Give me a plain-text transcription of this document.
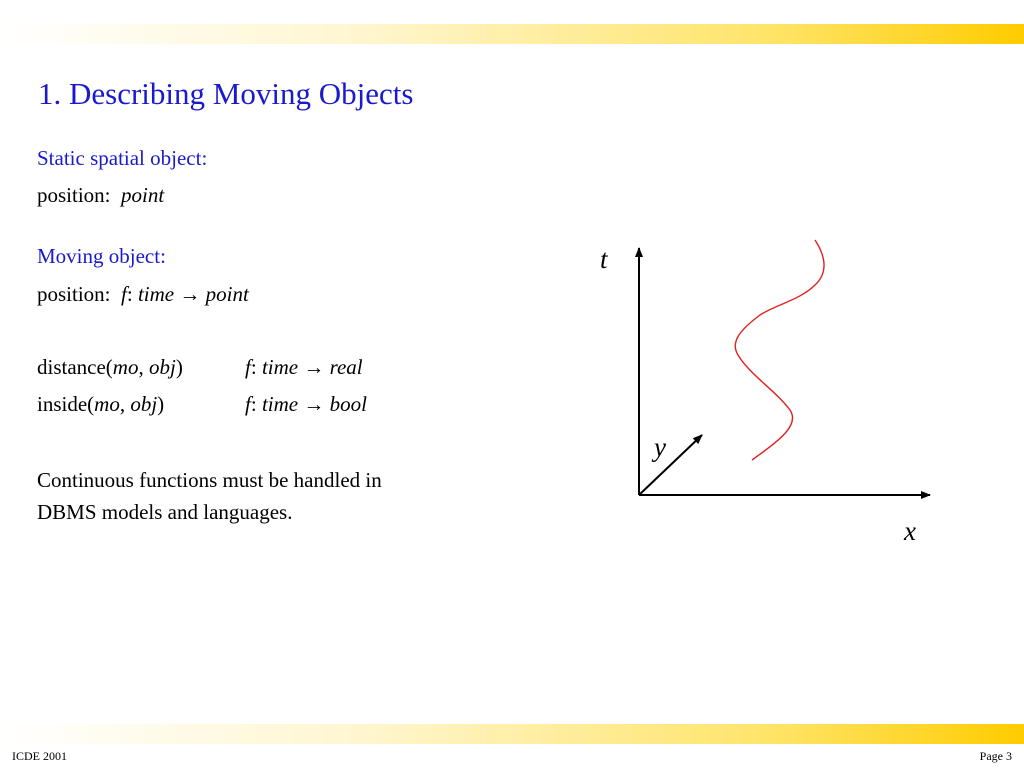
1. Describing Moving Objects
Static spatial object:
position: point
Moving object:
position: f: time → point
distance(mo, obj)	f: time → real
inside(mo, obj)	f: time → bool
Continuous functions must be handled in
DBMS models and languages.
t
y
x
ICDE 2001	Page 3
